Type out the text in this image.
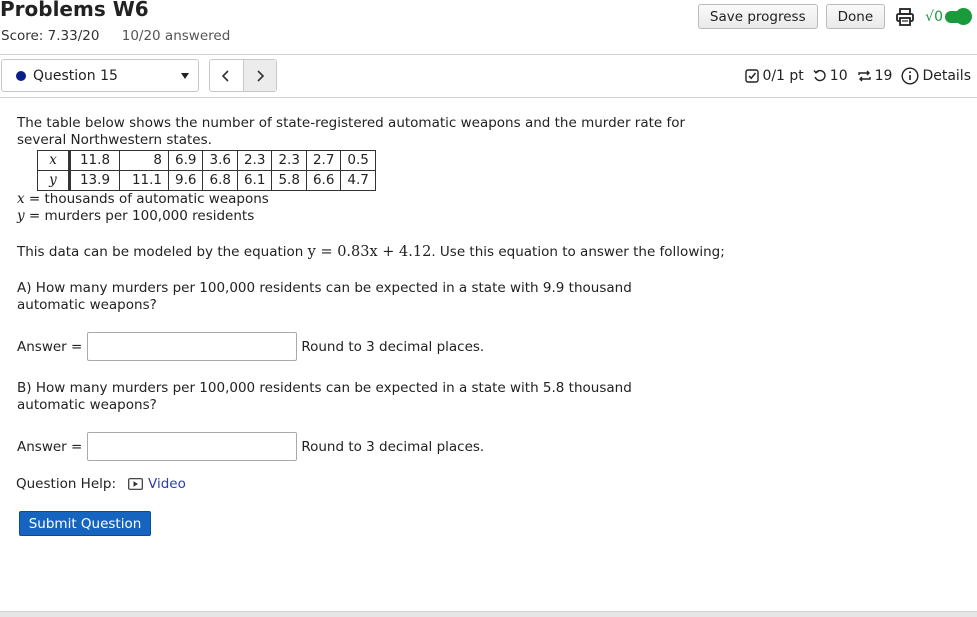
Problems W6
Score: 7.33/20 10/20 answered
Save progress	Done	√0
Question 15	0/1 pt 10 19 Details
The table below shows the number of state-registered automatic weapons and the murder rate for several Northwestern states.
x	11.8	8	6.9	3.6	2.3	2.3	2.7	0.5
y	13.9	11.1	9.6	6.8	6.1	5.8	6.6	4.7
x = thousands of automatic weapons
y = murders per 100,000 residents
This data can be modeled by the equation y = 0.83x + 4.12. Use this equation to answer the following;
A) How many murders per 100,000 residents can be expected in a state with 9.9 thousand automatic weapons?
Answer =	Round to 3 decimal places.
B) How many murders per 100,000 residents can be expected in a state with 5.8 thousand automatic weapons?
Answer =	Round to 3 decimal places.
Question Help: Video
Submit Question
